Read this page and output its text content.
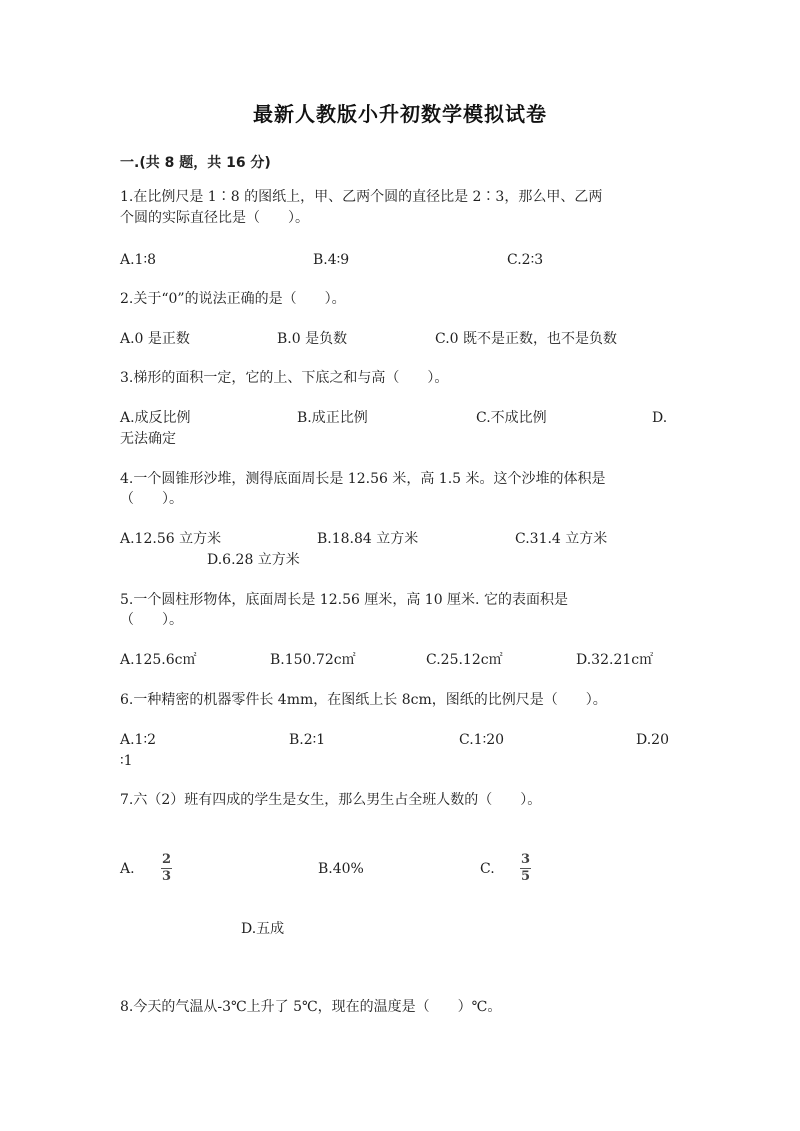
最新人教版小升初数学模拟试卷
一.(共 8 题，共 16 分)
1.在比例尺是 1∶8 的图纸上，甲、乙两个圆的直径比是 2∶3，那么甲、乙两
个圆的实际直径比是（　　）。
A.1∶8	B.4∶9	C.2∶3
2.关于“0”的说法正确的是（　　）。
A.0 是正数	B.0 是负数	C.0 既不是正数，也不是负数
3.梯形的面积一定，它的上、下底之和与高（　　）。
A.成反比例	B.成正比例	C.不成比例	D.
无法确定
4.一个圆锥形沙堆，测得底面周长是 12.56 米，高 1.5 米。这个沙堆的体积是
（　　）。
A.12.56 立方米	B.18.84 立方米	C.31.4 立方米
D.6.28 立方米
5.一个圆柱形物体，底面周长是 12.56 厘米，高 10 厘米. 它的表面积是
（　　）。
A.125.6c㎡	B.150.72c㎡	C.25.12c㎡	D.32.21c㎡
6.一种精密的机器零件长 4mm，在图纸上长 8cm，图纸的比例尺是（　　）。
A.1∶2	B.2∶1	C.1∶20	D.20
∶1
7.六（2）班有四成的学生是女生，那么男生占全班人数的（　　）。
A.
2
3	B.40%	C.
3
5
D.五成
8.今天的气温从-3℃上升了 5℃，现在的温度是（　　）℃。
